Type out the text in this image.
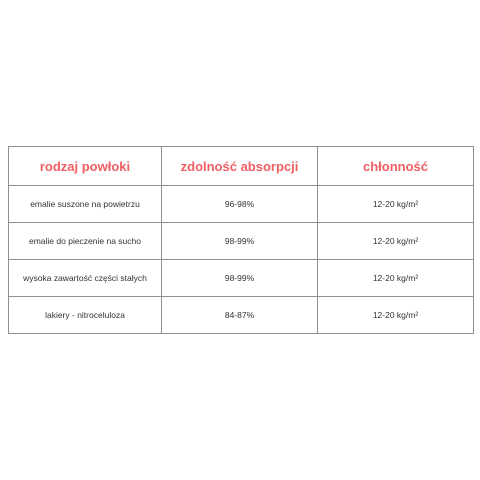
rodzaj powłoki	zdolność absorpcji	chłonność
emalie suszone na powietrzu	96-98%	12-20 kg/m²
emalie do pieczenie na sucho	98-99%	12-20 kg/m²
wysoka zawartość części stałych	98-99%	12-20 kg/m²
lakiery - nitroceluloza	84-87%	12-20 kg/m²
